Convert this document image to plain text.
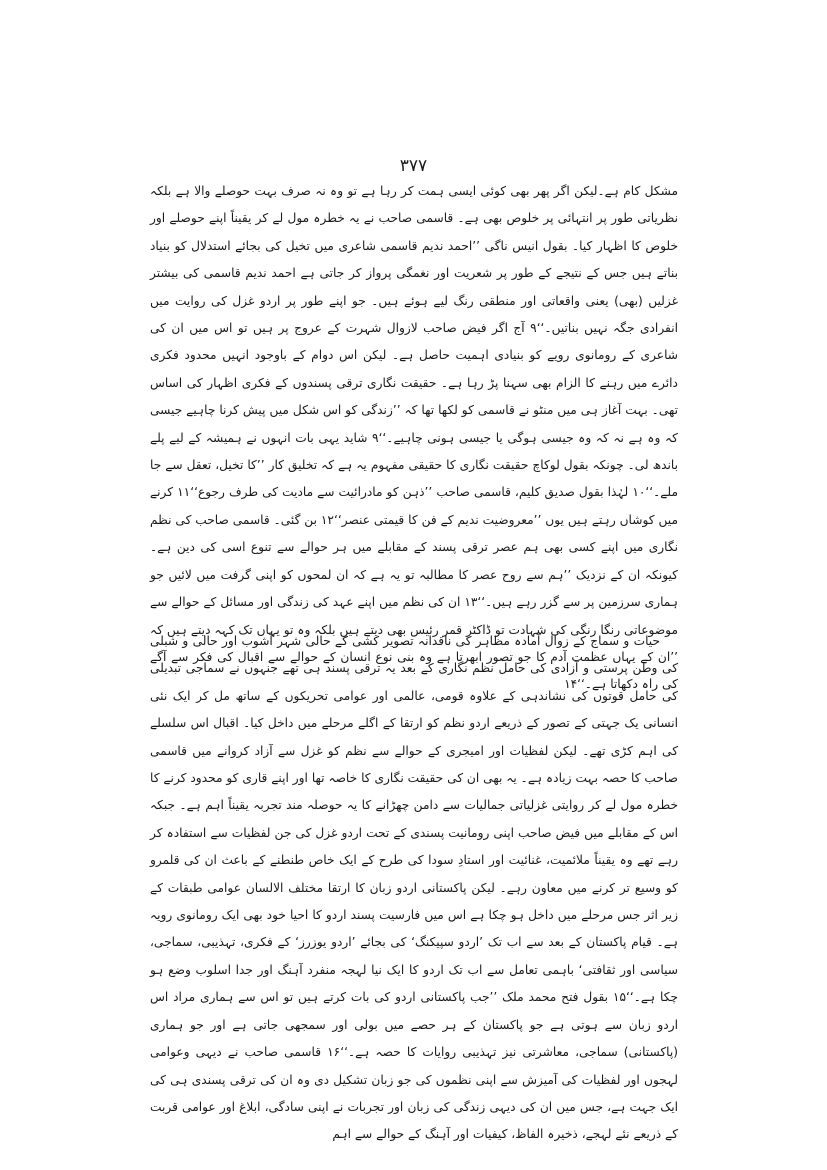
۳۷۷

مشکل کام ہے۔لیکن اگر پھر بھی کوئی ایسی ہمت کر رہا ہے تو وہ نہ صرف بہت حوصلے والا ہے بلکہ نظریاتی طور پر انتہائی پر خلوص بھی ہے۔ قاسمی صاحب نے یہ خطرہ مول لے کر یقیناً اپنے حوصلے اور خلوص کا اظہار کیا۔ بقول انیس ناگی ’’احمد ندیم قاسمی شاعری میں تخیل کی بجائے استدلال کو بنیاد بناتے ہیں جس کے نتیجے کے طور پر شعریت اور نغمگی پرواز کر جاتی ہے احمد ندیم قاسمی کی بیشتر غزلیں (بھی) یعنی واقعاتی اور منطقی رنگ لیے ہوئے ہیں۔ جو اپنے طور پر اردو غزل کی روایت میں انفرادی جگہ نہیں بناتیں۔‘‘۹ آج اگر فیض صاحب لازوال شہرت کے عروج پر ہیں تو اس میں ان کی شاعری کے رومانوی رویے کو بنیادی اہمیت حاصل ہے۔ لیکن اس دوام کے باوجود انہیں محدود فکری دائرے میں رہنے کا الزام بھی سہنا پڑ رہا ہے۔ حقیقت نگاری ترقی پسندوں کے فکری اظہار کی اساس تھی۔ بہت آغاز ہی میں منٹو نے قاسمی کو لکھا تھا کہ ’’زندگی کو اس شکل میں پیش کرنا چاہیے جیسی کہ وہ ہے نہ کہ وہ جیسی ہوگی یا جیسی ہونی چاہیے۔‘‘۹ شاید یہی بات انہوں نے ہمیشہ کے لیے پلے باندھ لی۔ چونکہ بقول لوکاچ حقیقت نگاری کا حقیقی مفہوم یہ ہے کہ تخلیق کار ’’کا تخیل، تعقل سے جا ملے۔‘‘۱۰ لہٰذا بقول صدیق کلیم، قاسمی صاحب ’’ذہن کو مادرائیت سے مادیت کی طرف رجوع‘‘۱۱ کرنے میں کوشاں رہتے ہیں یوں ’’معروضیت ندیم کے فن کا قیمتی عنصر‘‘۱۲ بن گئی۔ قاسمی صاحب کی نظم نگاری میں اپنے کسی بھی ہم عصر ترقی پسند کے مقابلے میں ہر حوالے سے تنوع اسی کی دین ہے۔ کیونکہ ان کے نزدیک ’’ہم سے روح عصر کا مطالبہ تو یہ ہے کہ ان لمحوں کو اپنی گرفت میں لائیں جو ہماری سرزمین پر سے گزر رہے ہیں۔‘‘۱۳ ان کی نظم میں اپنے عہد کی زندگی اور مسائل کے حوالے سے موضوعاتی رنگا رنگی کی شہادت تو ڈاکٹر قمر رئیس بھی دیتے ہیں بلکہ وہ تو یہاں تک کہہ دیتے ہیں کہ ’’ان کے یہاں عظمت آدم کا جو تصور ابھرتا ہے وہ بنی نوع انسان کے حوالے سے اقبال کی فکر سے آگے کی راہ دکھاتا ہے۔‘‘۱۴

حیات و سماج کے زوال آمادہ مظاہر کی ناقدانہ تصویر کشی کے حالی شہر آشوب اور حالی و شبلی کی وطن پرستی و آزادی کی حامل نظم نگاری کے بعد یہ ترقی پسند ہی تھے جنہوں نے سماجی تبدیلی کی حامل قوتوں کی نشاندہی کے علاوہ قومی، عالمی اور عوامی تحریکوں کے ساتھ مل کر ایک نئی انسانی یک جہتی کے تصور کے ذریعے اردو نظم کو ارتقا کے اگلے مرحلے میں داخل کیا۔ اقبال اس سلسلے کی اہم کڑی تھے۔ لیکن لفظیات اور امیجری کے حوالے سے نظم کو غزل سے آزاد کروانے میں قاسمی صاحب کا حصہ بہت زیادہ ہے۔ یہ بھی ان کی حقیقت نگاری کا خاصہ تھا اور اپنے قاری کو محدود کرنے کا خطرہ مول لے کر روایتی غزلیاتی جمالیات سے دامن چھڑانے کا یہ حوصلہ مند تجربہ یقیناً اہم ہے۔ جبکہ اس کے مقابلے میں فیض صاحب اپنی رومانیت پسندی کے تحت اردو غزل کی جن لفظیات سے استفادہ کر رہے تھے وہ یقیناً ملائمیت، غنائیت اور استادِ سودا کی طرح کے ایک خاص طنطنے کے باعث ان کی قلمرو کو وسیع تر کرنے میں معاون رہے۔ لیکن پاکستانی اردو زبان کا ارتقا مختلف الالسان عوامی طبقات کے زیر اثر جس مرحلے میں داخل ہو چکا ہے اس میں فارسیت پسند اردو کا احیا خود بھی ایک رومانوی رویہ ہے۔ قیام پاکستان کے بعد سے اب تک ’اردو سپیکنگ‘ کی بجائے ’اردو یوزرز‘ کے فکری، تہذیبی، سماجی، سیاسی اور ثقافتی‘ باہمی تعامل سے اب تک اردو کا ایک نیا لہجہ منفرد آہنگ اور جدا اسلوب وضع ہو چکا ہے۔‘‘۱۵ بقول فتح محمد ملک ’’جب پاکستانی اردو کی بات کرتے ہیں تو اس سے ہماری مراد اس اردو زبان سے ہوتی ہے جو پاکستان کے ہر حصے میں بولی اور سمجھی جاتی ہے اور جو ہماری (پاکستانی) سماجی، معاشرتی نیز تہذیبی روایات کا حصہ ہے۔‘‘۱۶ قاسمی صاحب نے دیہی وعوامی لہجوں اور لفظیات کی آمیزش سے اپنی نظموں کی جو زبان تشکیل دی وہ ان کی ترقی پسندی ہی کی ایک جہت ہے، جس میں ان کی دیہی زندگی کی زبان اور تجربات نے اپنی سادگی، ابلاغ اور عوامی قربت کے ذریعے نئے لہجے، ذخیرہ الفاظ، کیفیات اور آہنگ کے حوالے سے اہم
